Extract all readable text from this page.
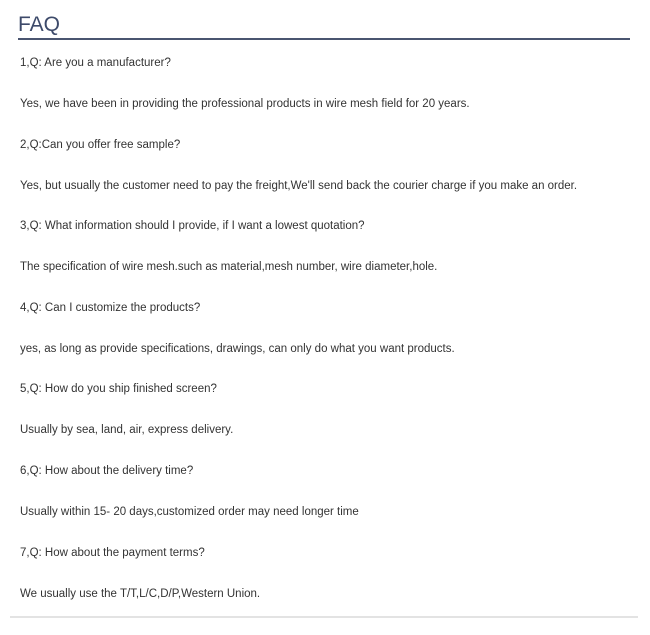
FAQ

1,Q: Are you a manufacturer?

Yes, we have been in providing the professional products in wire mesh field for 20 years.

2,Q:Can you offer free sample?

Yes, but usually the customer need to pay the freight,We'll send back the courier charge if you make an order.

3,Q: What information should I provide, if I want a lowest quotation?

The specification of wire mesh.such as material,mesh number, wire diameter,hole.

4,Q: Can I customize the products?

yes, as long as provide specifications, drawings, can only do what you want products.

5,Q: How do you ship finished screen?

Usually by sea, land, air, express delivery.

6,Q: How about the delivery time?

Usually within 15- 20 days,customized order may need longer time

7,Q: How about the payment terms?

We usually use the T/T,L/C,D/P,Western Union.
